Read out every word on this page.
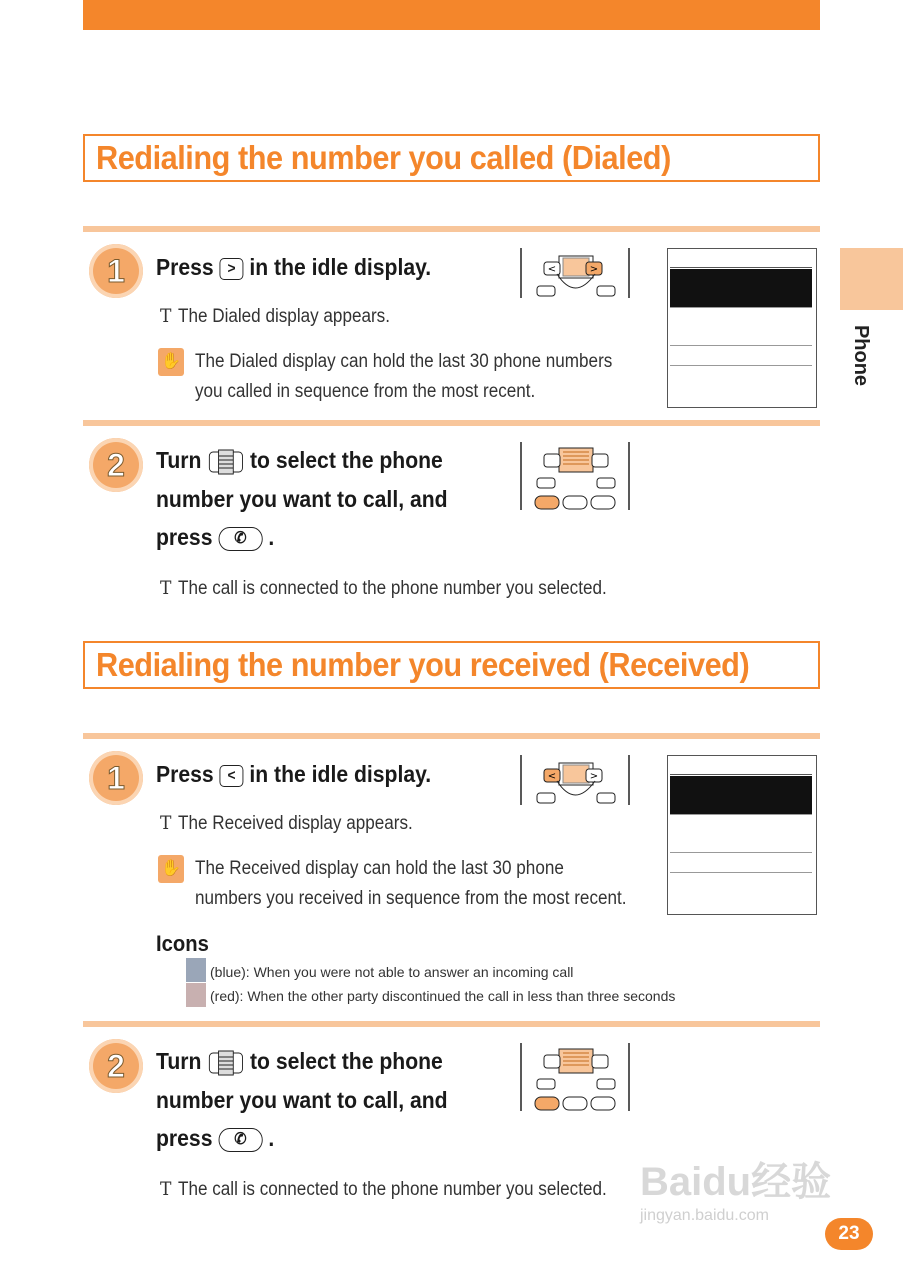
Phone
Redialing the number you called (Dialed)
1	Press > in the idle display.
T The Dialed display appears.
✋ The Dialed display can hold the last 30 phone numbers
you called in sequence from the most recent.
<	>
2	Turn to select the phone
number you want to call, and
press ✆ .
T The call is connected to the phone number you selected.
Redialing the number you received (Received)
1	Press < in the idle display.
T The Received display appears.
✋ The Received display can hold the last 30 phone
numbers you received in sequence from the most recent.
<	>
Icons
(blue): When you were not able to answer an incoming call
(red): When the other party discontinued the call in less than three seconds
2	Turn to select the phone
number you want to call, and
press ✆ .
T The call is connected to the phone number you selected. Baidu经验
jingyan.baidu.com
23
